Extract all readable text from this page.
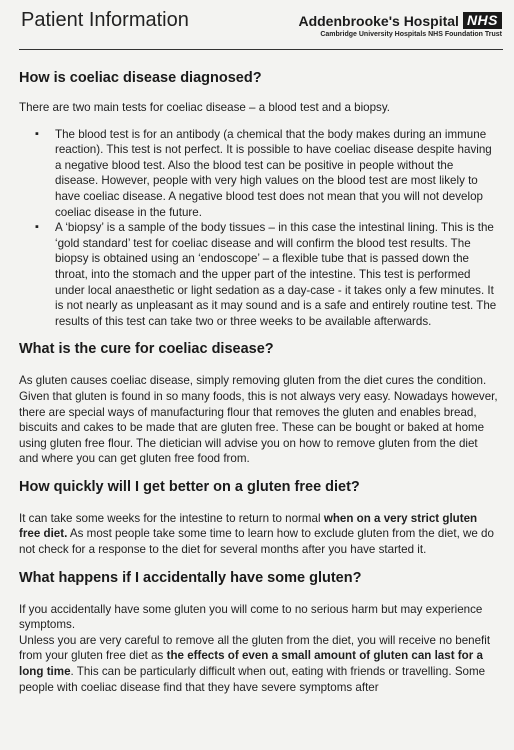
Patient Information	Addenbrooke's Hospital NHS
Cambridge University Hospitals NHS Foundation Trust
How is coeliac disease diagnosed?

There are two main tests for coeliac disease – a blood test and a biopsy.

▪ The blood test is for an antibody (a chemical that the body makes during an immune reaction). This test is not perfect. It is possible to have coeliac disease despite having a negative blood test. Also the blood test can be positive in people without the disease. However, people with very high values on the blood test are most likely to have coeliac disease. A negative blood test does not mean that you will not develop coeliac disease in the future.
▪ A ‘biopsy’ is a sample of the body tissues – in this case the intestinal lining. This is the ‘gold standard’ test for coeliac disease and will confirm the blood test results. The biopsy is obtained using an ‘endoscope’ – a flexible tube that is passed down the throat, into the stomach and the upper part of the intestine. This test is performed under local anaesthetic or light sedation as a day-case - it takes only a few minutes. It is not nearly as unpleasant as it may sound and is a safe and entirely routine test. The results of this test can take two or three weeks to be available afterwards.
What is the cure for coeliac disease?

As gluten causes coeliac disease, simply removing gluten from the diet cures the condition. Given that gluten is found in so many foods, this is not always very easy. Nowadays however, there are special ways of manufacturing flour that removes the gluten and enables bread, biscuits and cakes to be made that are gluten free. These can be bought or baked at home using gluten free flour. The dietician will advise you on how to remove gluten from the diet and where you can get gluten free food from.

How quickly will I get better on a gluten free diet?

It can take some weeks for the intestine to return to normal when on a very strict gluten free diet. As most people take some time to learn how to exclude gluten from the diet, we do not check for a response to the diet for several months after you have started it.

What happens if I accidentally have some gluten?

If you accidentally have some gluten you will come to no serious harm but may experience symptoms.

Unless you are very careful to remove all the gluten from the diet, you will receive no benefit from your gluten free diet as the effects of even a small amount of gluten can last for a long time. This can be particularly difficult when out, eating with friends or travelling. Some people with coeliac disease find that they have severe symptoms after
